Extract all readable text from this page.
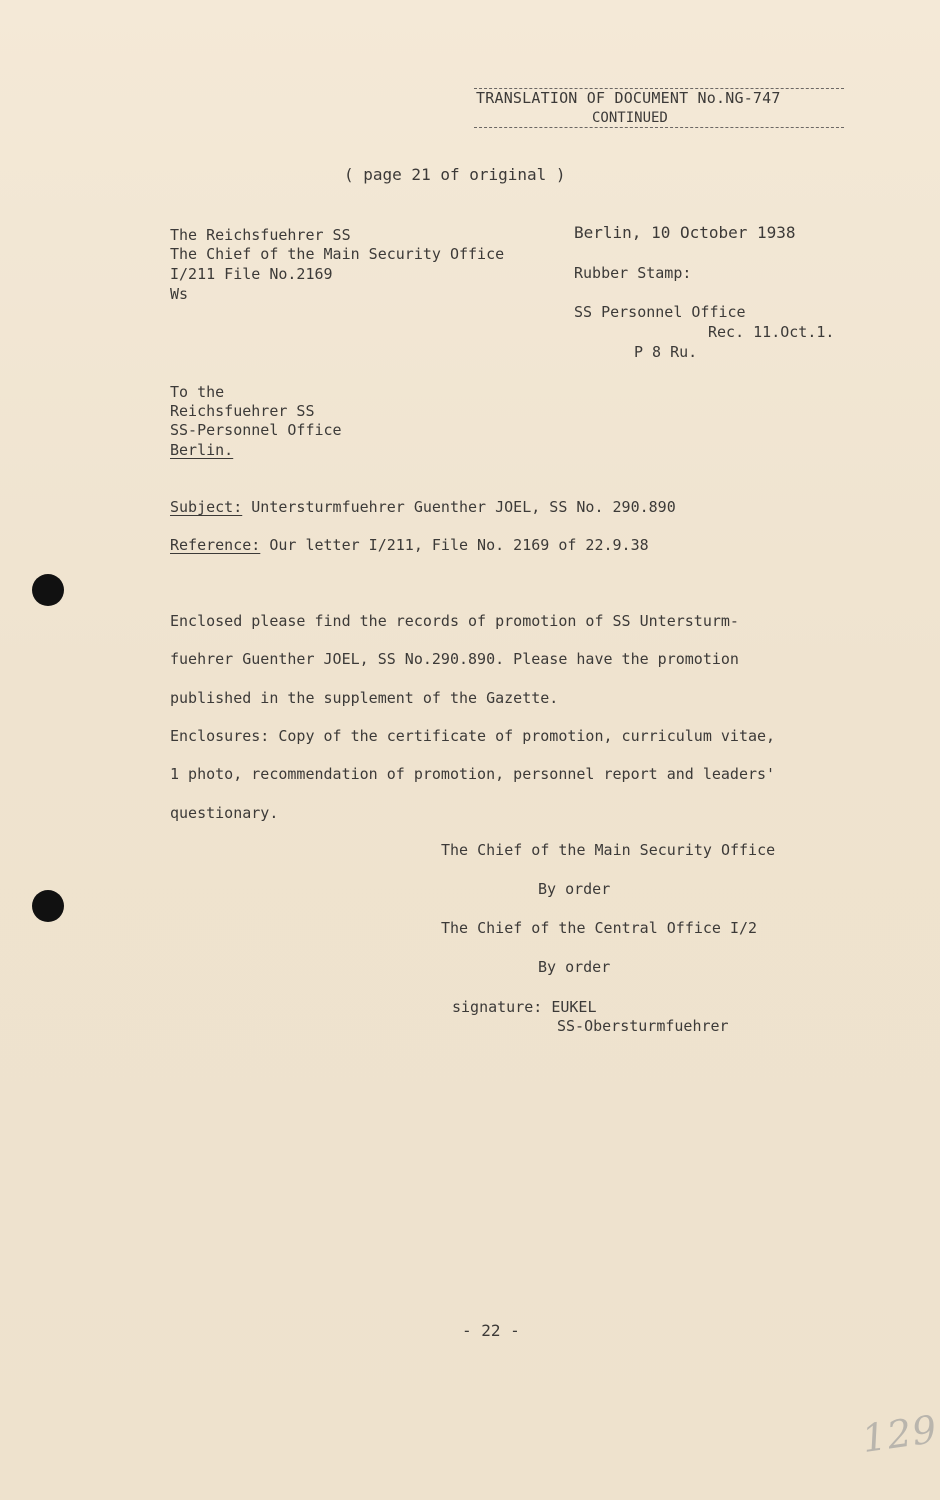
TRANSLATION OF DOCUMENT No.NG-747
CONTINUED
( page 21 of original )
The Reichsfuehrer SS
The Chief of the Main Security Office
I/211 File No.2169
Ws
Berlin, 10 October 1938
Rubber Stamp:
SS Personnel Office
Rec. 11.Oct.1.
P 8 Ru.
To the
Reichsfuehrer SS
SS-Personnel Office
Berlin.
Subject: Untersturmfuehrer Guenther JOEL, SS No. 290.890
Reference: Our letter I/211, File No. 2169 of 22.9.38
Enclosed please find the records of promotion of SS Untersturm-
fuehrer Guenther JOEL, SS No.290.890. Please have the promotion
published in the supplement of the Gazette.
Enclosures: Copy of the certificate of promotion, curriculum vitae,
1 photo, recommendation of promotion, personnel report and leaders'
questionary.
The Chief of the Main Security Office
By order
The Chief of the Central Office I/2
By order
signature: EUKEL
SS-Obersturmfuehrer
- 22 -
129
